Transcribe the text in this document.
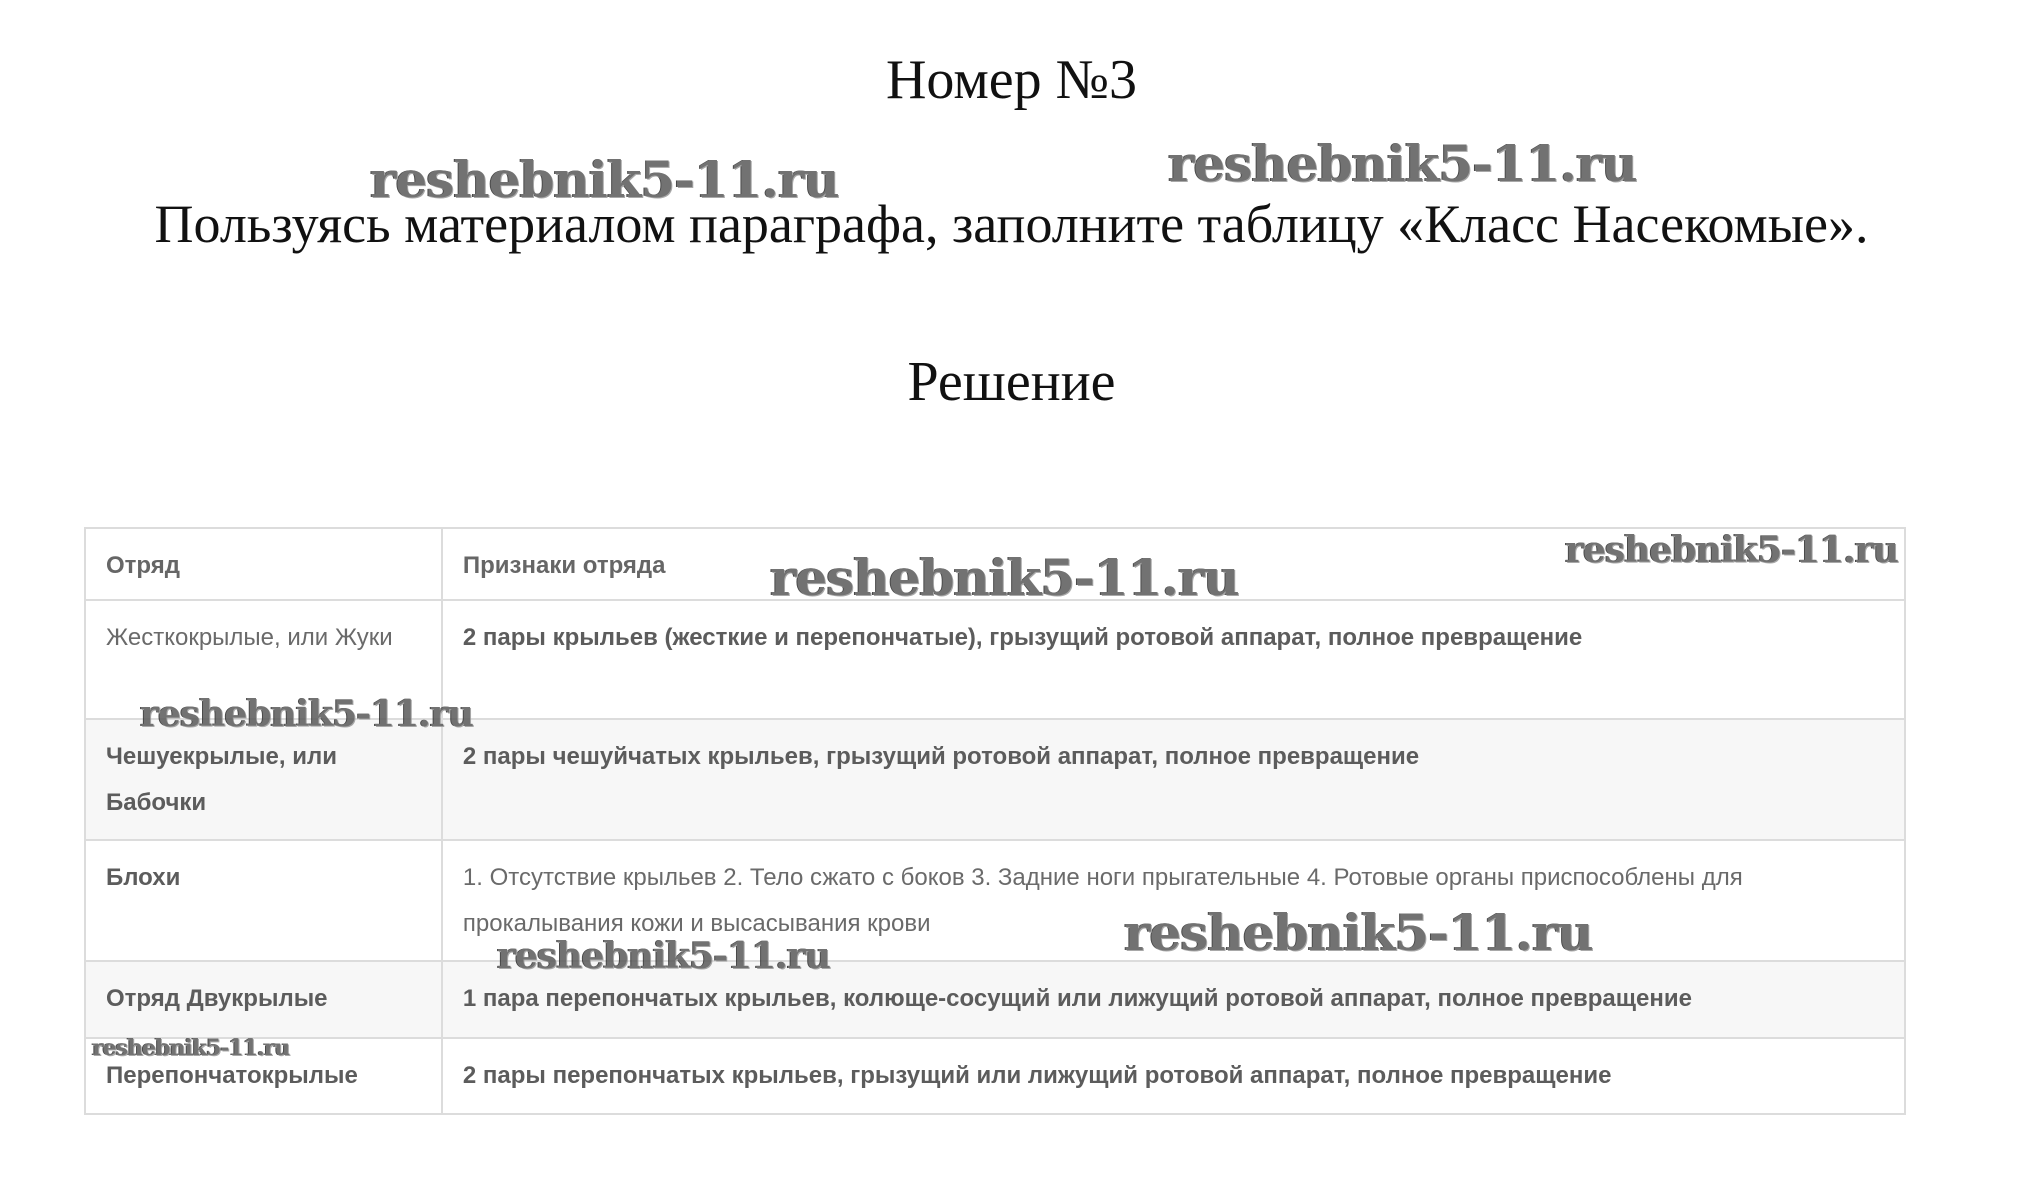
Номер №3

Пользуясь материалом параграфа, заполните таблицу «Класс Насекомые».

Решение
Отряд	Признаки отряда
Жесткокрылые, или Жуки	2 пары крыльев (жесткие и перепончатые), грызущий ротовой аппарат, полное превращение
Чешуекрылые, или Бабочки	2 пары чешуйчатых крыльев, грызущий ротовой аппарат, полное превращение
Блохи	1. Отсутствие крыльев 2. Тело сжато с боков 3. Задние ноги прыгательные 4. Ротовые органы приспособлены для прокалывания кожи и высасывания крови
Отряд Двукрылые	1 пара перепончатых крыльев, колюще-сосущий или лижущий ротовой аппарат, полное превращение
Перепончатокрылые	2 пары перепончатых крыльев, грызущий или лижущий ротовой аппарат, полное превращение
reshebnik5-11.ru	reshebnik5-11.ru
reshebnik5-11.ru	reshebnik5-11.ru
reshebnik5-11.ru
reshebnik5-11.ru
reshebnik5-11.ru
reshebnik5-11.ru
